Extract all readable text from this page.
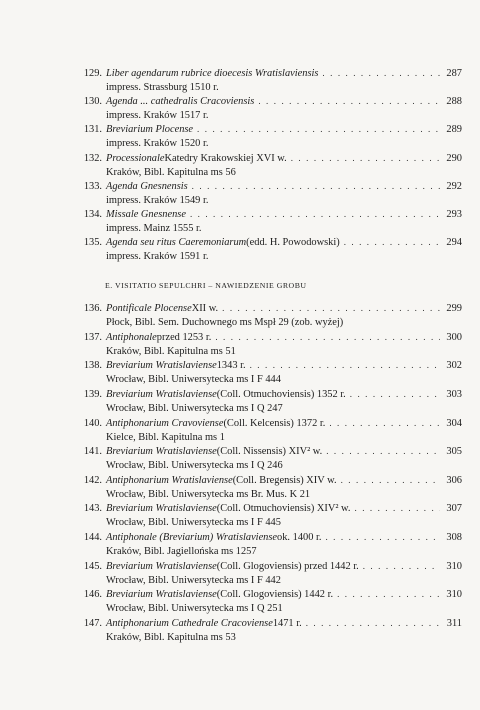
129. Liber agendarum rubrice dioecesis Wratislaviensis . . .	287
impress. Strassburg 1510 r.
130. Agenda ... cathedralis Cracoviensis . . .	288
impress. Kraków 1517 r.
131. Breviarium Plocense . . .	289
impress. Kraków 1520 r.
132. Processionale Katedry Krakowskiej XVI w. . . .	290
Kraków, Bibl. Kapitulna ms 56
133. Agenda Gnesnensis . . .	292
impress. Kraków 1549 r.
134. Missale Gnesnense . . .	293
impress. Mainz 1555 r.
135. Agenda seu ritus Caeremoniarum (edd. H. Powodowski) . . .	294
impress. Kraków 1591 r.
E. VISITATIO SEPULCHRI – NAWIEDZENIE GROBU
136. Pontificale Plocense XII w. . . .	299
Płock, Bibl. Sem. Duchownego ms Mspł 29 (zob. wyżej)
137. Antiphonale przed 1253 r. . . .	300
Kraków, Bibl. Kapitulna ms 51
138. Breviarium Wratislaviense 1343 r. . . .	302
Wrocław, Bibl. Uniwersytecka ms I F 444
139. Breviarium Wratislaviense (Coll. Otmuchoviensis) 1352 r. . . .	303
Wrocław, Bibl. Uniwersytecka ms I Q 247
140. Antiphonarium Cravoviense (Coll. Kelcensis) 1372 r. . . .	304
Kielce, Bibl. Kapitulna ms 1
141. Breviarium Wratislaviense (Coll. Nissensis) XIV² w. . . .	305
Wrocław, Bibl. Uniwersytecka ms I Q 246
142. Antiphonarium Wratislaviense (Coll. Bregensis) XIV w. . . .	306
Wrocław, Bibl. Uniwersytecka ms Br. Mus. K 21
143. Breviarium Wratislaviense (Coll. Otmuchoviensis) XIV² w. . . .	307
Wrocław, Bibl. Uniwersytecka ms I F 445
144. Antiphonale (Breviarium) Wratislaviense ok. 1400 r. . . .	308
Kraków, Bibl. Jagiellońska ms 1257
145. Breviarium Wratislaviense (Coll. Glogoviensis) przed 1442 r. . . .	310
Wrocław, Bibl. Uniwersytecka ms I F 442
146. Breviarium Wratislaviense (Coll. Glogoviensis) 1442 r. . . .	310
Wrocław, Bibl. Uniwersytecka ms I Q 251
147. Antiphonarium Cathedrale Cracoviense 1471 r. . . .	311
Kraków, Bibl. Kapitulna ms 53
